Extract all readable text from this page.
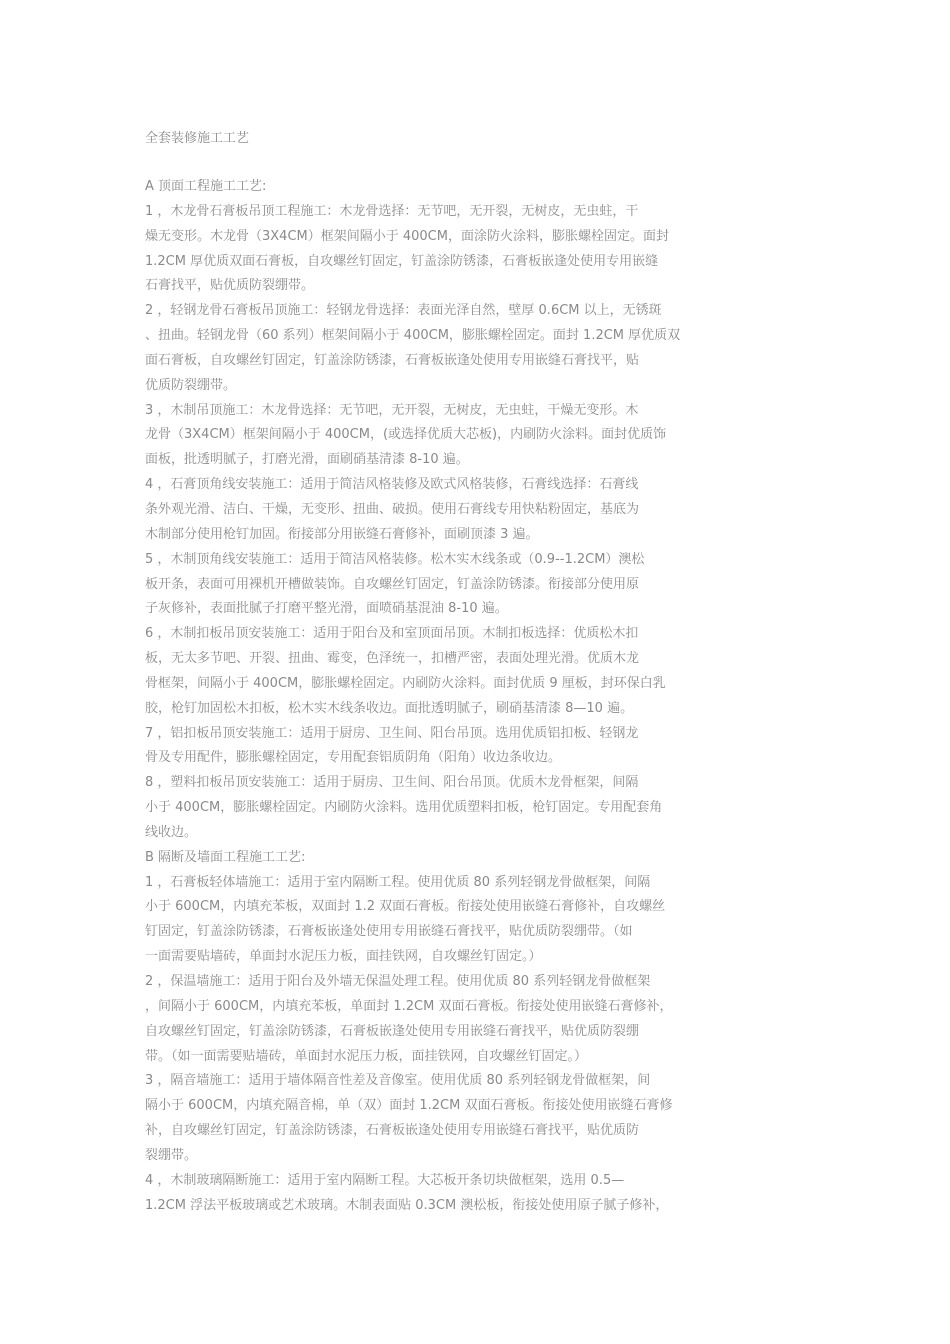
全套装修施工工艺
A 顶面工程施工工艺:
1 ，木龙骨石膏板吊顶工程施工：木龙骨选择：无节吧，无开裂，无树皮，无虫蛀，干
燥无变形。木龙骨（3X4CM）框架间隔小于 400CM，面涂防火涂料，膨胀螺栓固定。面封
1.2CM 厚优质双面石膏板，自攻螺丝钉固定，钉盖涂防锈漆，石膏板嵌逢处使用专用嵌缝
石膏找平，贴优质防裂绷带。
2 ，轻钢龙骨石膏板吊顶施工：轻钢龙骨选择：表面光泽自然，壁厚 0.6CM 以上，无锈斑
、扭曲。轻钢龙骨（60 系列）框架间隔小于 400CM，膨胀螺栓固定。面封 1.2CM 厚优质双
面石膏板，自攻螺丝钉固定，钉盖涂防锈漆，石膏板嵌逢处使用专用嵌缝石膏找平，贴
优质防裂绷带。
3 ，木制吊顶施工：木龙骨选择：无节吧，无开裂，无树皮，无虫蛀，干燥无变形。木
龙骨（3X4CM）框架间隔小于 400CM，(或选择优质大芯板)，内刷防火涂料。面封优质饰
面板，批透明腻子，打磨光滑，面刷硝基清漆 8-10 遍。
4 ，石膏顶角线安装施工：适用于简洁风格装修及欧式风格装修，石膏线选择：石膏线
条外观光滑、洁白、干燥，无变形、扭曲、破损。使用石膏线专用快粘粉固定，基底为
木制部分使用枪钉加固。衔接部分用嵌缝石膏修补，面刷顶漆 3 遍。
5 ，木制顶角线安装施工：适用于简洁风格装修。松木实木线条或（0.9--1.2CM）澳松
板开条，表面可用裸机开槽做装饰。自攻螺丝钉固定，钉盖涂防锈漆。衔接部分使用原
子灰修补，表面批腻子打磨平整光滑，面喷硝基混油 8-10 遍。
6 ，木制扣板吊顶安装施工：适用于阳台及和室顶面吊顶。木制扣板选择：优质松木扣
板，无太多节吧、开裂、扭曲、霉变，色泽统一，扣槽严密，表面处理光滑。优质木龙
骨框架，间隔小于 400CM，膨胀螺栓固定。内刷防火涂料。面封优质 9 厘板，封环保白乳
胶，枪钉加固松木扣板，松木实木线条收边。面批透明腻子，刷硝基清漆 8—10 遍。
7 ，铝扣板吊顶安装施工：适用于厨房、卫生间、阳台吊顶。选用优质铝扣板、轻钢龙
骨及专用配件，膨胀螺栓固定，专用配套铝质阴角（阳角）收边条收边。
8 ，塑料扣板吊顶安装施工：适用于厨房、卫生间、阳台吊顶。优质木龙骨框架，间隔
小于 400CM，膨胀螺栓固定。内刷防火涂料。选用优质塑料扣板，枪钉固定。专用配套角
线收边。
B 隔断及墙面工程施工工艺:
1 ，石膏板轻体墙施工：适用于室内隔断工程。使用优质 80 系列轻钢龙骨做框架，间隔
小于 600CM，内填充苯板，双面封 1.2 双面石膏板。衔接处使用嵌缝石膏修补，自攻螺丝
钉固定，钉盖涂防锈漆，石膏板嵌逢处使用专用嵌缝石膏找平，贴优质防裂绷带。（如
一面需要贴墙砖，单面封水泥压力板，面挂铁网，自攻螺丝钉固定。）
2 ，保温墙施工：适用于阳台及外墙无保温处理工程。使用优质 80 系列轻钢龙骨做框架
，间隔小于 600CM，内填充苯板，单面封 1.2CM 双面石膏板。衔接处使用嵌缝石膏修补，
自攻螺丝钉固定，钉盖涂防锈漆，石膏板嵌逢处使用专用嵌缝石膏找平，贴优质防裂绷
带。（如一面需要贴墙砖，单面封水泥压力板，面挂铁网，自攻螺丝钉固定。）
3 ，隔音墙施工：适用于墙体隔音性差及音像室。使用优质 80 系列轻钢龙骨做框架，间
隔小于 600CM，内填充隔音棉，单（双）面封 1.2CM 双面石膏板。衔接处使用嵌缝石膏修
补，自攻螺丝钉固定，钉盖涂防锈漆，石膏板嵌逢处使用专用嵌缝石膏找平，贴优质防
裂绷带。
4 ，木制玻璃隔断施工：适用于室内隔断工程。大芯板开条切块做框架，选用 0.5—
1.2CM 浮法平板玻璃或艺术玻璃。木制表面贴 0.3CM 澳松板，衔接处使用原子腻子修补，
